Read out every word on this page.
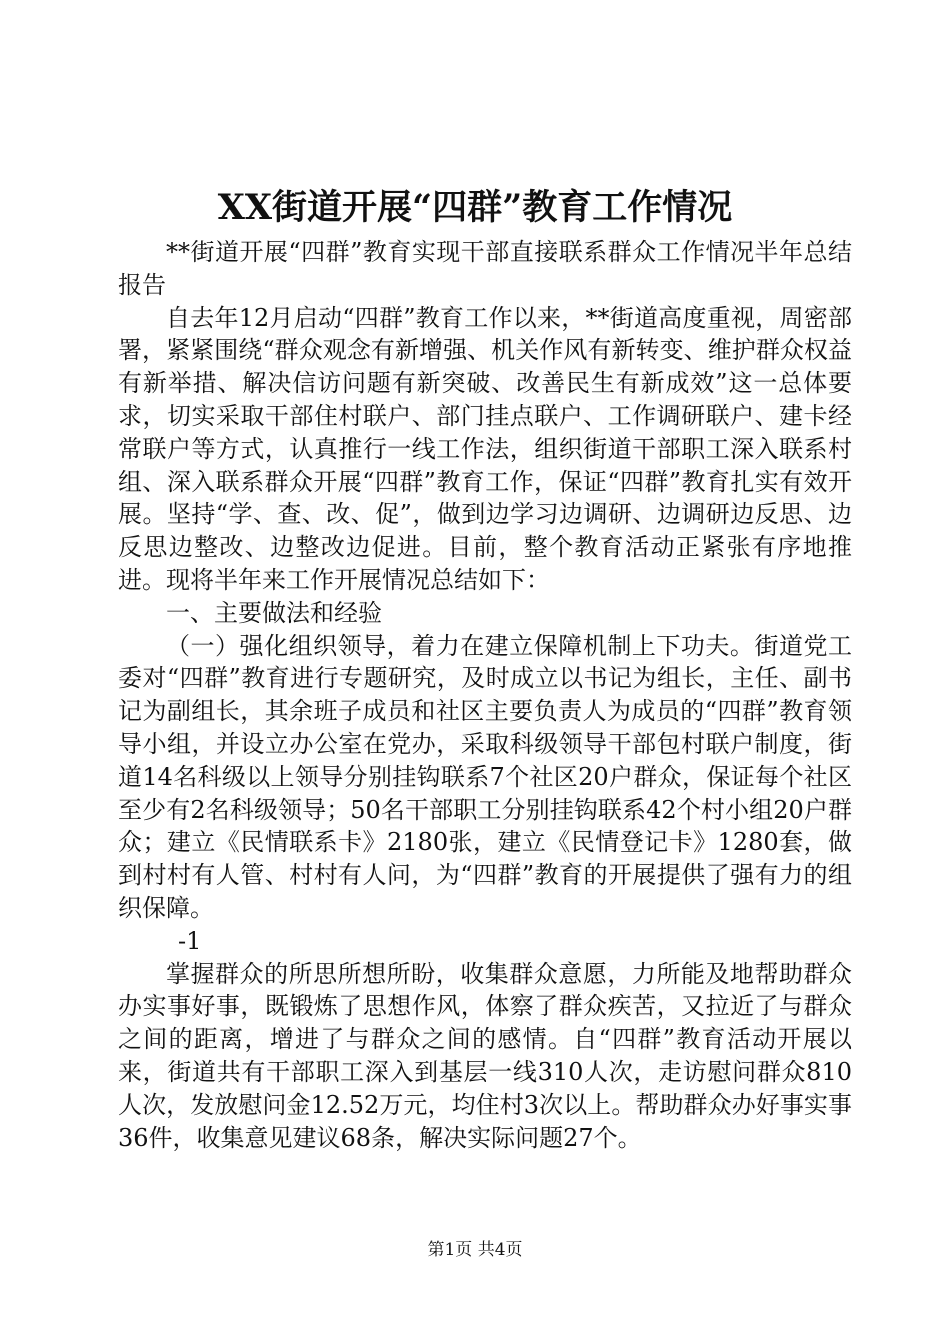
XX街道开展“四群”教育工作情况

**街道开展“四群”教育实现干部直接联系群众工作情况半年总结报告

自去年12月启动“四群”教育工作以来，**街道高度重视，周密部署，紧紧围绕“群众观念有新增强、机关作风有新转变、维护群众权益有新举措、解决信访问题有新突破、改善民生有新成效”这一总体要求，切实采取干部住村联户、部门挂点联户、工作调研联户、建卡经常联户等方式，认真推行一线工作法，组织街道干部职工深入联系村组、深入联系群众开展“四群”教育工作，保证“四群”教育扎实有效开展。坚持“学、查、改、促”，做到边学习边调研、边调研边反思、边反思边整改、边整改边促进。目前，整个教育活动正紧张有序地推进。现将半年来工作开展情况总结如下：

一、主要做法和经验

（一）强化组织领导，着力在建立保障机制上下功夫。街道党工委对“四群”教育进行专题研究，及时成立以书记为组长，主任、副书记为副组长，其余班子成员和社区主要负责人为成员的“四群”教育领导小组，并设立办公室在党办，采取科级领导干部包村联户制度，街道14名科级以上领导分别挂钩联系7个社区20户群众，保证每个社区至少有2名科级领导；50名干部职工分别挂钩联系42个村小组20户群众；建立《民情联系卡》2180张，建立《民情登记卡》1280套，做到村村有人管、村村有人问，为“四群”教育的开展提供了强有力的组织保障。

-1

掌握群众的所思所想所盼，收集群众意愿，力所能及地帮助群众办实事好事，既锻炼了思想作风，体察了群众疾苦，又拉近了与群众之间的距离，增进了与群众之间的感情。自“四群”教育活动开展以来，街道共有干部职工深入到基层一线310人次，走访慰问群众810人次，发放慰问金12.52万元，均住村3次以上。帮助群众办好事实事36件，收集意见建议68条，解决实际问题27个。

第1页 共4页
